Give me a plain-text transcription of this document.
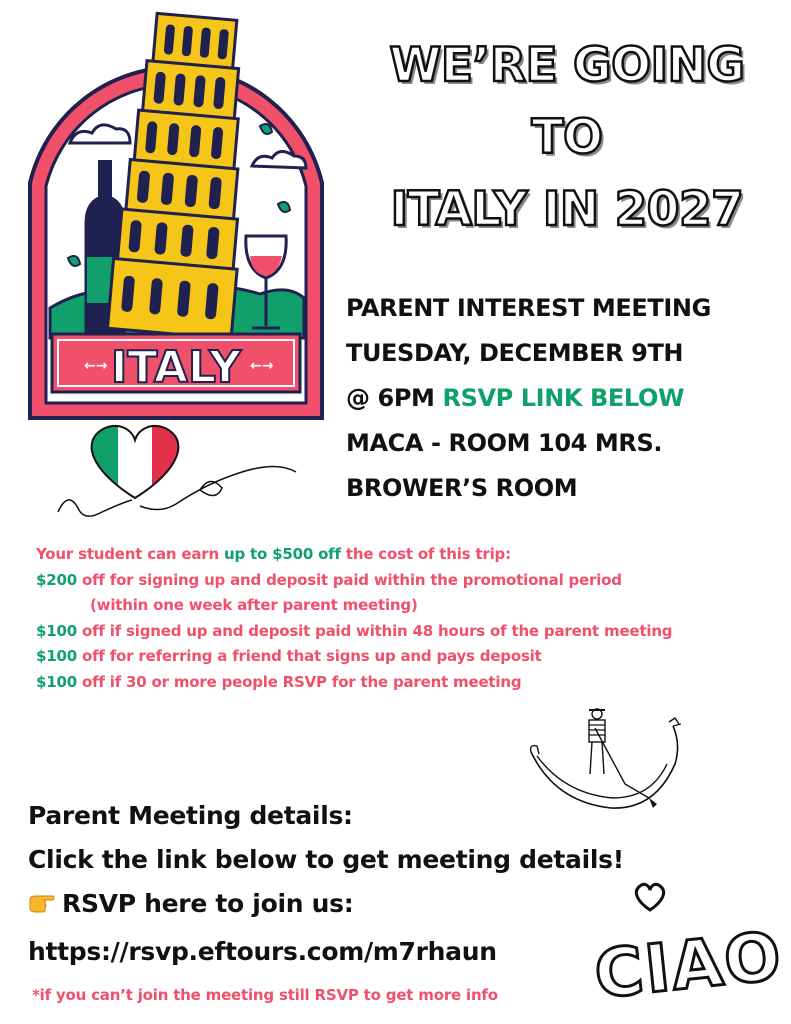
←→	←→
ITALY
WE’RE GOING
TO
ITALY IN 2027
PARENT INTEREST MEETING
TUESDAY, DECEMBER 9TH
@ 6PM RSVP LINK BELOW
MACA - ROOM 104 MRS.
BROWER’S ROOM
Your student can earn up to $500 off the cost of this trip:
$200 off for signing up and deposit paid within the promotional period
(within one week after parent meeting)
$100 off if signed up and deposit paid within 48 hours of the parent meeting
$100 off for referring a friend that signs up and pays deposit
$100 off if 30 or more people RSVP for the parent meeting
Parent Meeting details:
Click the link below to get meeting details!
RSVP here to join us:
https://rsvp.eftours.com/m7rhaun
*if you can’t join the meeting still RSVP to get more info	CIAO
